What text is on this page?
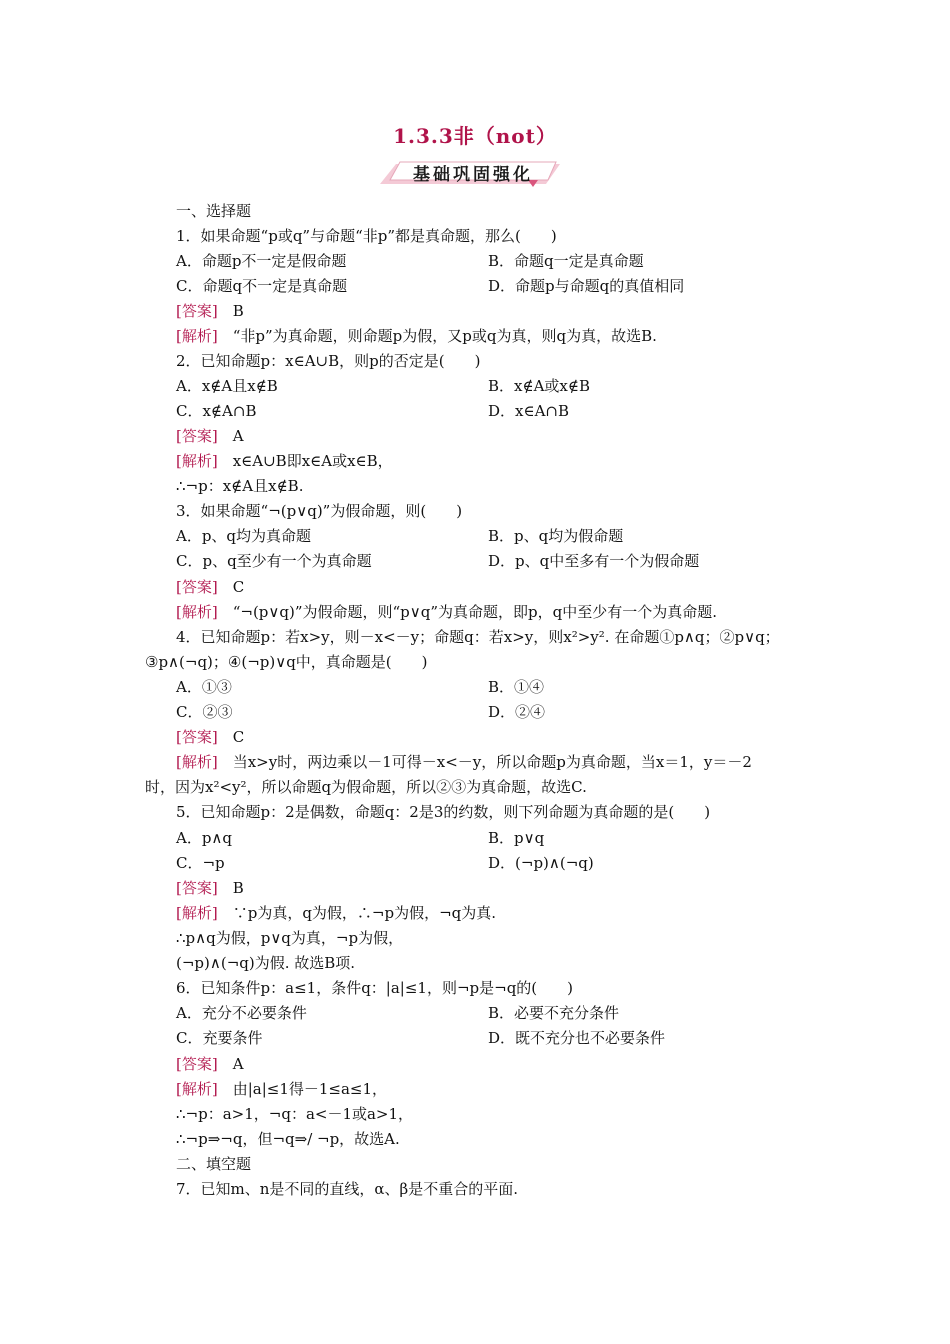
1.3.3非（not）
基础巩固强化
一、选择题
1．如果命题“p或q”与命题“非p”都是真命题，那么(　　)
A．命题p不一定是假命题	B．命题q一定是真命题
C．命题q不一定是真命题	D．命题p与命题q的真值相同
[答案]　B
[解析]　“非p”为真命题，则命题p为假，又p或q为真，则q为真，故选B.
2．已知命题p：x∈A∪B，则p的否定是(　　)
A．x∉A且x∉B	B．x∉A或x∉B
C．x∉A∩B	D．x∈A∩B
[答案]　A
[解析]　x∈A∪B即x∈A或x∈B，
∴¬p：x∉A且x∉B.
3．如果命题“¬(p∨q)”为假命题，则(　　)
A．p、q均为真命题	B．p、q均为假命题
C．p、q至少有一个为真命题	D．p、q中至多有一个为假命题
[答案]　C
[解析]　“¬(p∨q)”为假命题，则“p∨q”为真命题，即p，q中至少有一个为真命题.
4．已知命题p：若x>y，则－x<－y；命题q：若x>y，则x²>y². 在命题①p∧q；②p∨q；
③p∧(¬q)；④(¬p)∨q中，真命题是(　　)
A．①③	B．①④
C．②③	D．②④
[答案]　C
[解析]　当x>y时，两边乘以－1可得－x<－y，所以命题p为真命题，当x＝1，y＝－2
时，因为x²<y²，所以命题q为假命题，所以②③为真命题，故选C.
5．已知命题p：2是偶数，命题q：2是3的约数，则下列命题为真命题的是(　　)
A．p∧q	B．p∨q
C．¬p	D．(¬p)∧(¬q)
[答案]　B
[解析]　∵p为真，q为假，∴¬p为假，¬q为真.
∴p∧q为假，p∨q为真，¬p为假，
(¬p)∧(¬q)为假. 故选B项.
6．已知条件p：a≤1，条件q：|a|≤1，则¬p是¬q的(　　)
A．充分不必要条件	B．必要不充分条件
C．充要条件	D．既不充分也不必要条件
[答案]　A
[解析]　由|a|≤1得－1≤a≤1，
∴¬p：a>1，¬q：a<－1或a>1，
∴¬p⇒¬q，但¬q⇒/ ¬p，故选A.
二、填空题
7．已知m、n是不同的直线，α、β是不重合的平面.
